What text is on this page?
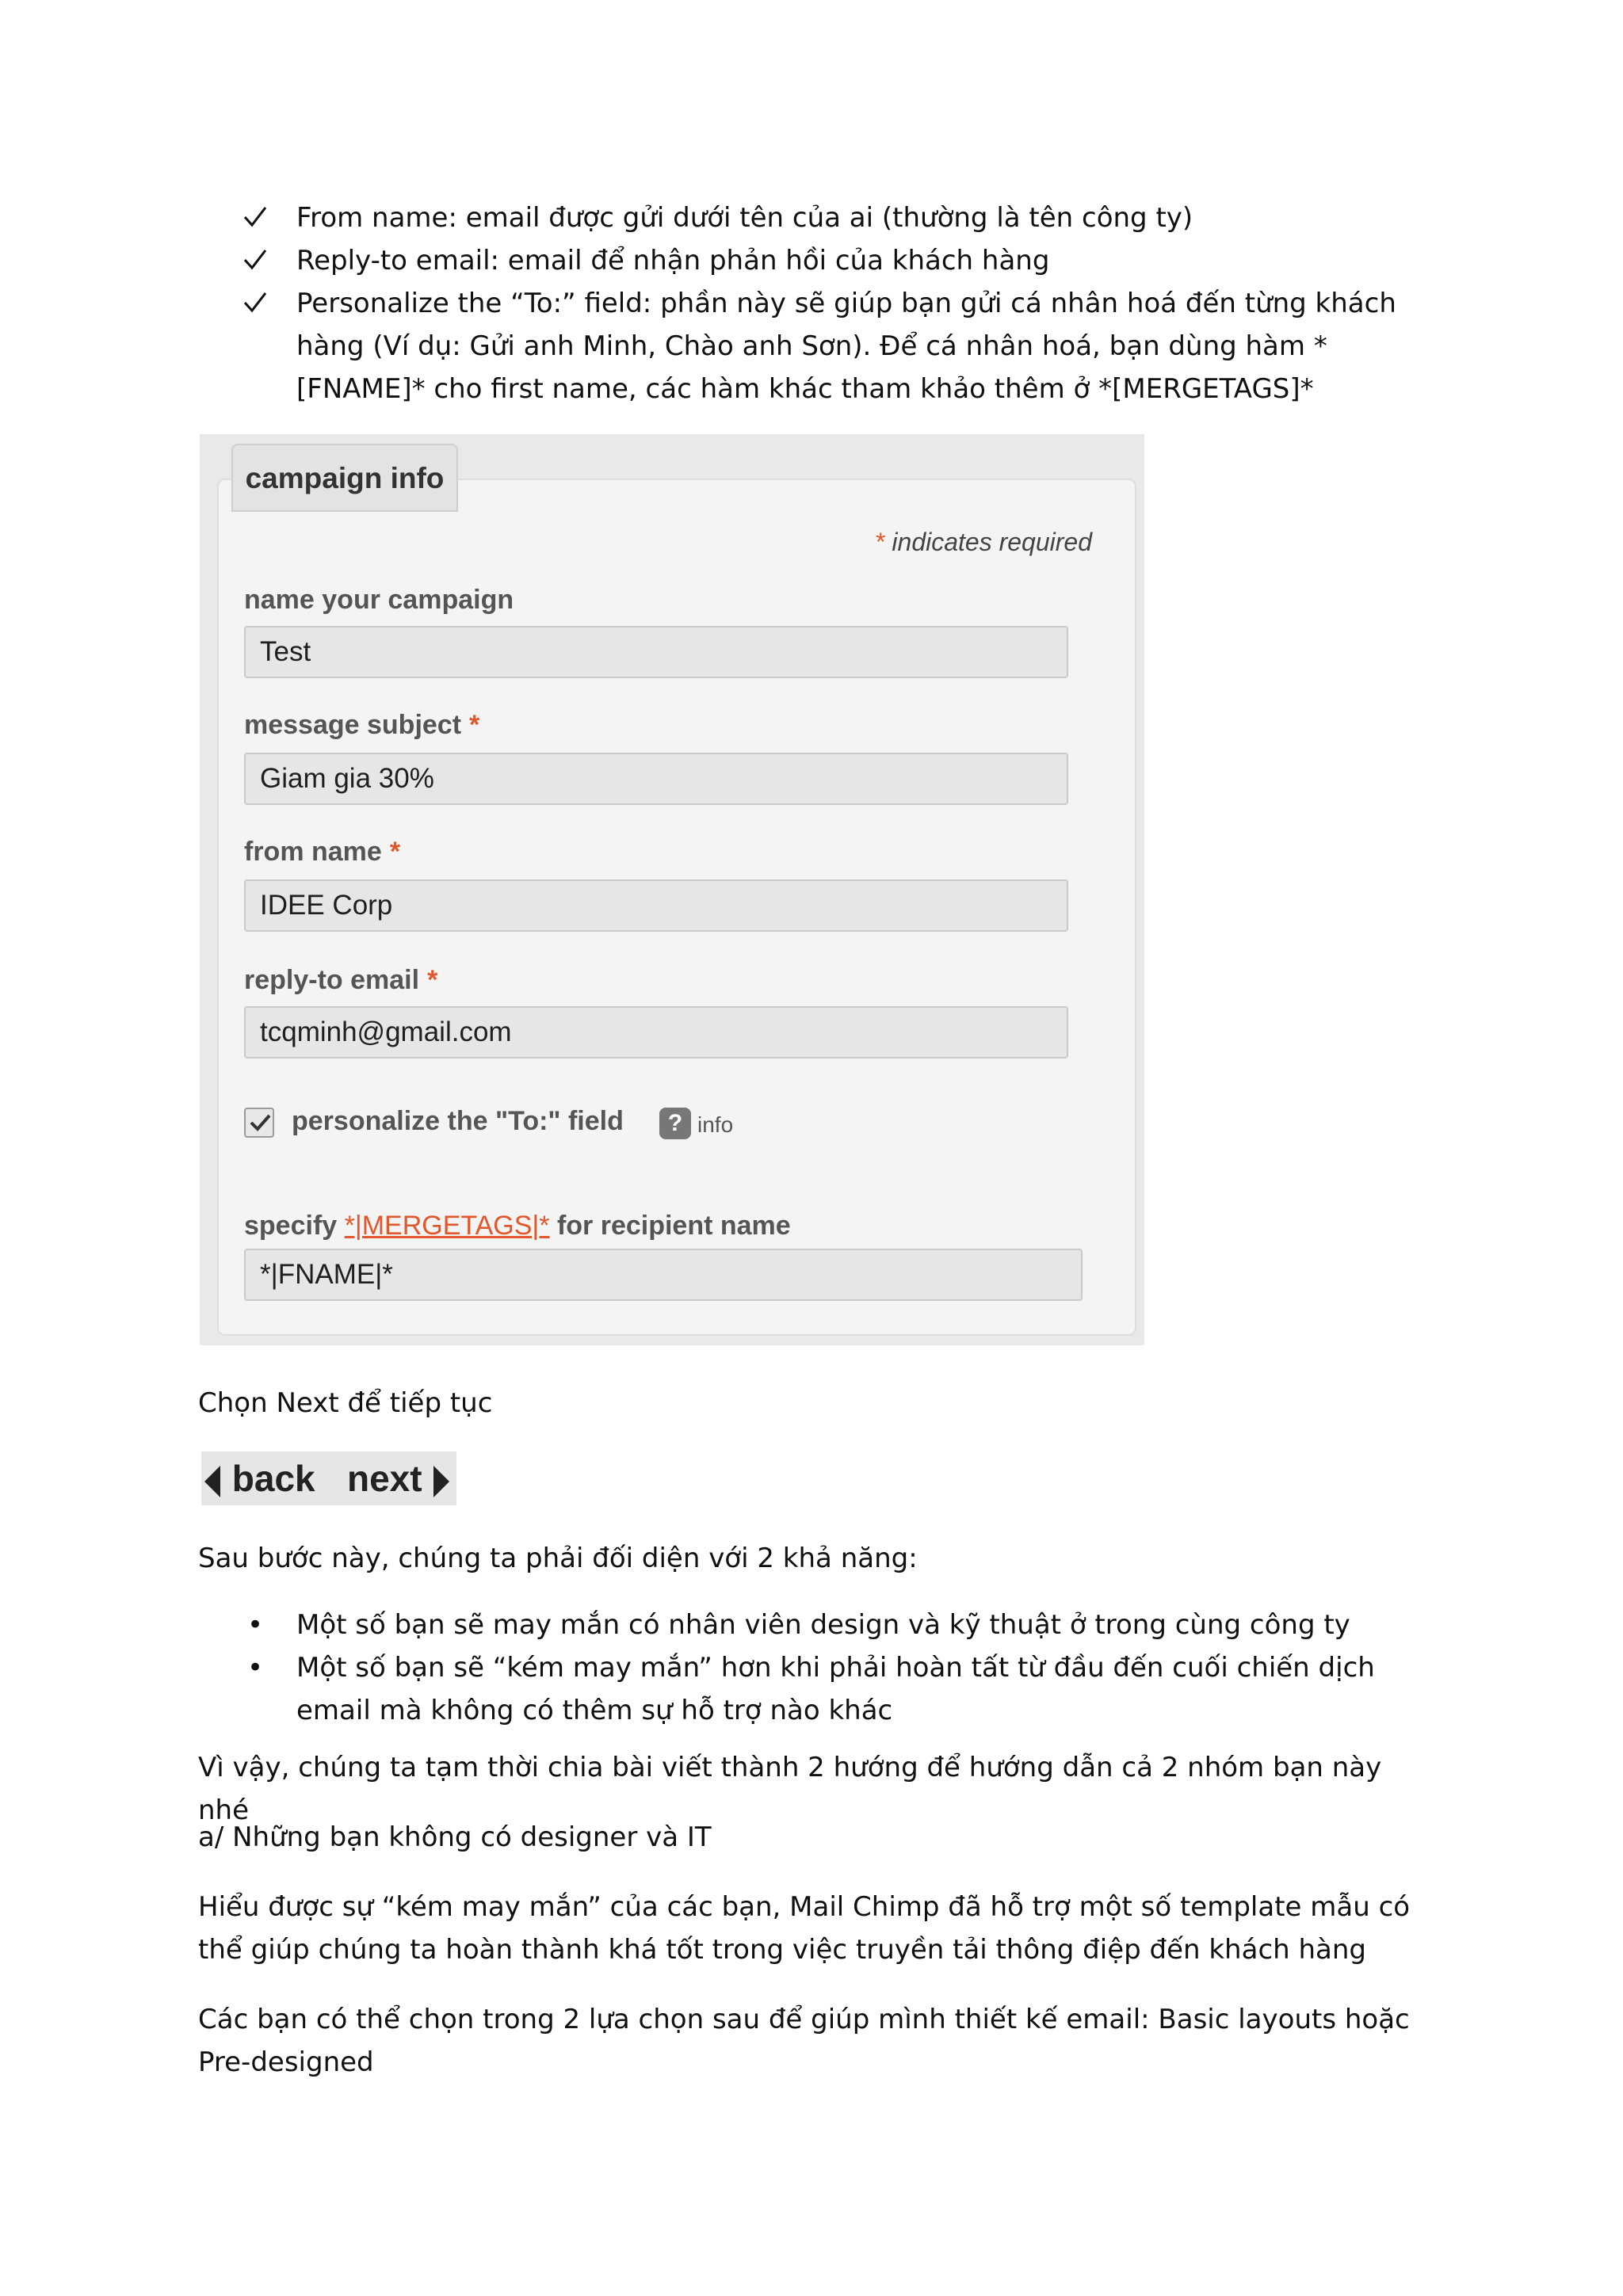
From name: email được gửi dưới tên của ai (thường là tên công ty)
Reply-to email: email để nhận phản hồi của khách hàng
Personalize the “To:” field: phần này sẽ giúp bạn gửi cá nhân hoá đến từng khách hàng (Ví dụ: Gửi anh Minh, Chào anh Sơn). Để cá nhân hoá, bạn dùng hàm *[FNAME]* cho first name, các hàm khác tham khảo thêm ở *[MERGETAGS]*
campaign info
* indicates required
name your campaign
Test
message subject *
Giam gia 30%
from name *
IDEE Corp
reply-to email *
tcqminh@gmail.com
personalize the "To:" field	? info
specify *|MERGETAGS|* for recipient name
*|FNAME|*

Chọn Next để tiếp tục

back next

Sau bước này, chúng ta phải đối diện với 2 khả năng:

• Một số bạn sẽ may mắn có nhân viên design và kỹ thuật ở trong cùng công ty
• Một số bạn sẽ “kém may mắn” hơn khi phải hoàn tất từ đầu đến cuối chiến dịch email mà không có thêm sự hỗ trợ nào khác

Vì vậy, chúng ta tạm thời chia bài viết thành 2 hướng để hướng dẫn cả 2 nhóm bạn này nhé

a/ Những bạn không có designer và IT

Hiểu được sự “kém may mắn” của các bạn, Mail Chimp đã hỗ trợ một số template mẫu có thể giúp chúng ta hoàn thành khá tốt trong việc truyền tải thông điệp đến khách hàng

Các bạn có thể chọn trong 2 lựa chọn sau để giúp mình thiết kế email: Basic layouts hoặc Pre-designed
